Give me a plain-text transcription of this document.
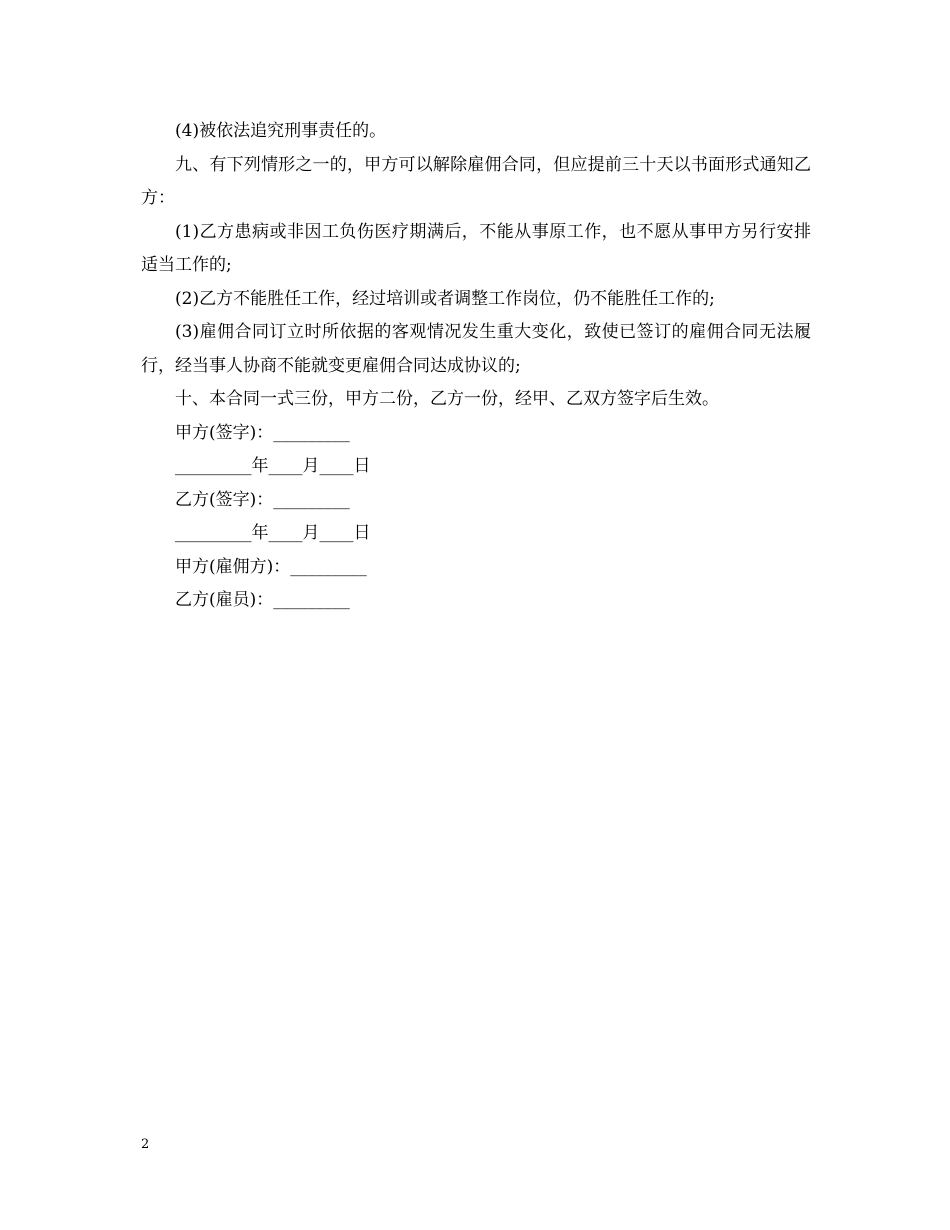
(4)被依法追究刑事责任的。

九、有下列情形之一的，甲方可以解除雇佣合同，但应提前三十天以书面形式通知乙方：

(1)乙方患病或非因工负伤医疗期满后，不能从事原工作，也不愿从事甲方另行安排适当工作的;

(2)乙方不能胜任工作，经过培训或者调整工作岗位，仍不能胜任工作的;

(3)雇佣合同订立时所依据的客观情况发生重大变化，致使已签订的雇佣合同无法履行，经当事人协商不能就变更雇佣合同达成协议的;

十、本合同一式三份，甲方二份，乙方一份，经甲、乙双方签字后生效。

甲方(签字)：_________
_________年____月____日
乙方(签字)：_________
_________年____月____日
甲方(雇佣方)：_________
乙方(雇员)：_________
2
